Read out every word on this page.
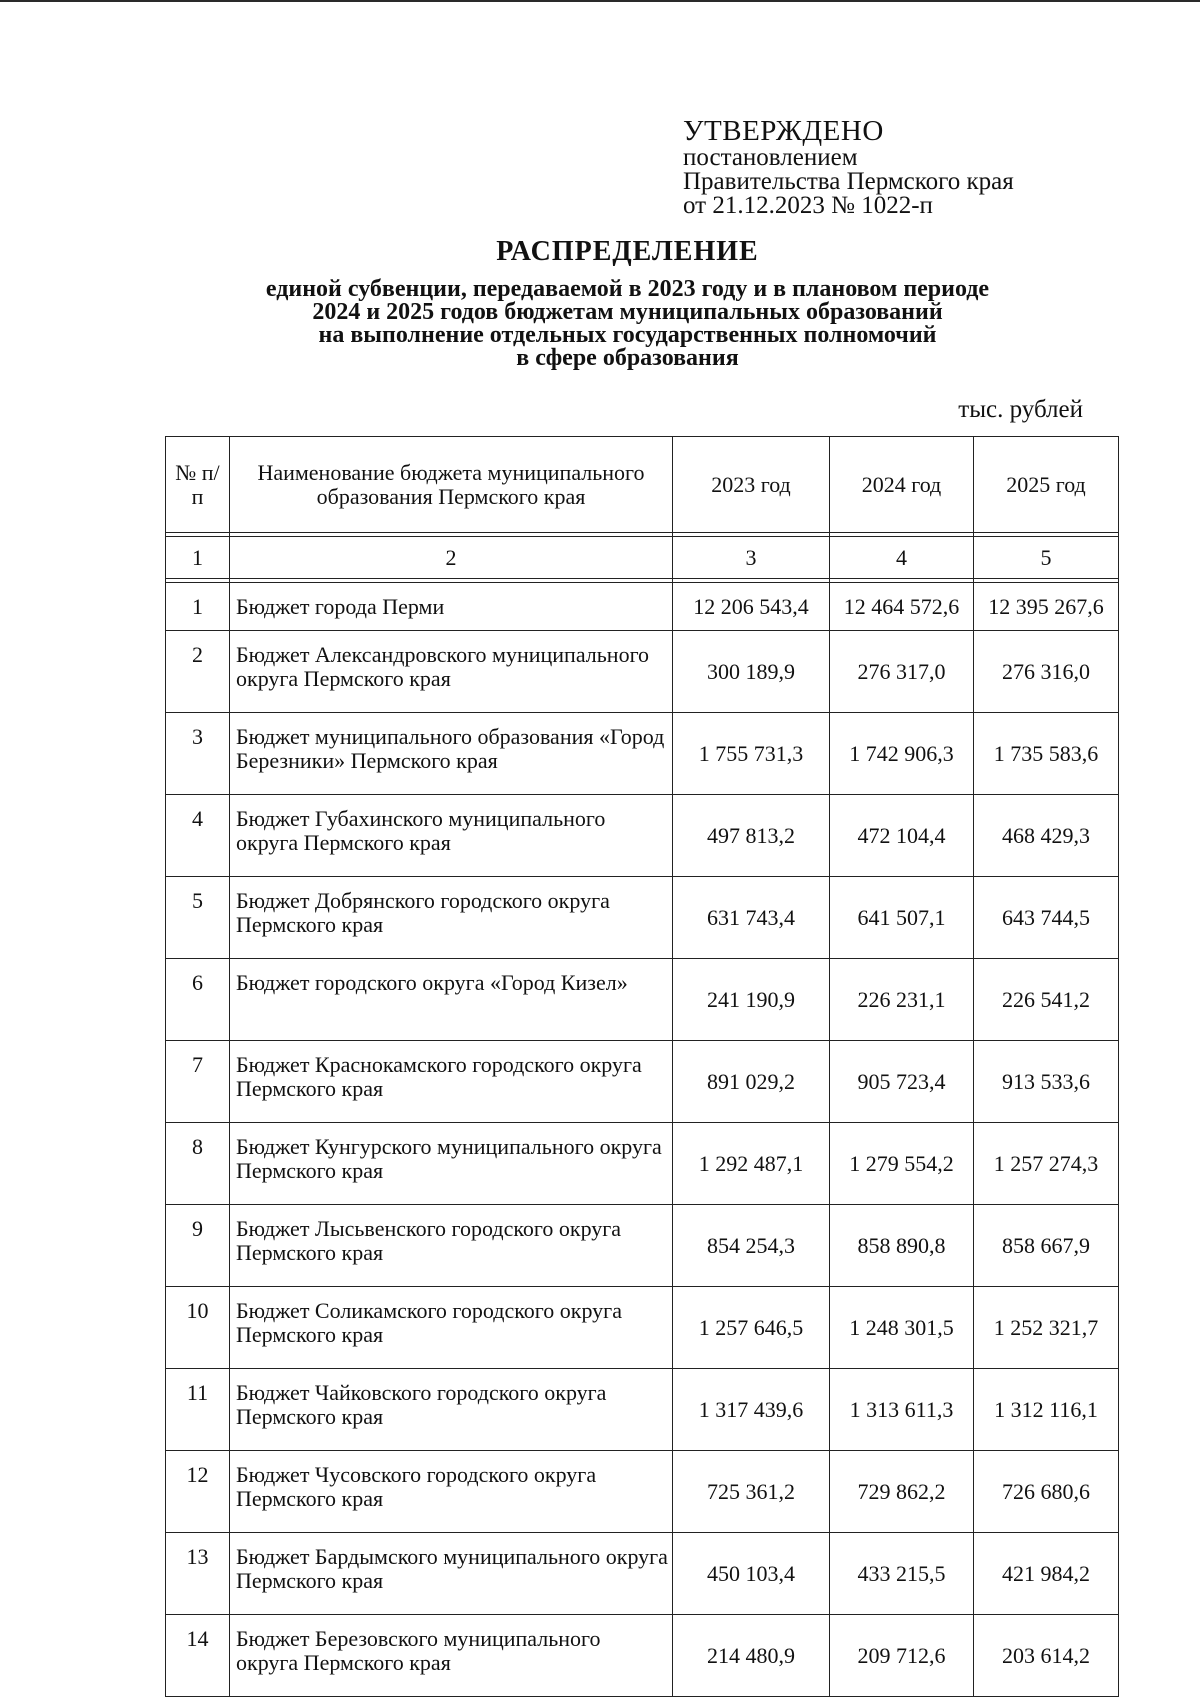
УТВЕРЖДЕНО
постановлением
Правительства Пермского края
от 21.12.2023 № 1022-п
РАСПРЕДЕЛЕНИЕ
единой субвенции, передаваемой в 2023 году и в плановом периоде
2024 и 2025 годов бюджетам муниципальных образований
на выполнение отдельных государственных полномочий
в сфере образования
тыс. рублей
№ п/п	Наименование бюджета муниципального образования Пермского края	2023 год	2024 год	2025 год

1	2	3	4	5

1	Бюджет города Перми	12 206 543,4	12 464 572,6	12 395 267,6
2	Бюджет Александровского муниципального округа Пермского края	300 189,9	276 317,0	276 316,0
3	Бюджет муниципального образования «Город Березники» Пермского края	1 755 731,3	1 742 906,3	1 735 583,6
4	Бюджет Губахинского муниципального округа Пермского края	497 813,2	472 104,4	468 429,3
5	Бюджет Добрянского городского округа Пермского края	631 743,4	641 507,1	643 744,5
6	Бюджет городского округа «Город Кизел»	241 190,9	226 231,1	226 541,2
7	Бюджет Краснокамского городского округа Пермского края	891 029,2	905 723,4	913 533,6
8	Бюджет Кунгурского муниципального округа Пермского края	1 292 487,1	1 279 554,2	1 257 274,3
9	Бюджет Лысьвенского городского округа Пермского края	854 254,3	858 890,8	858 667,9
10	Бюджет Соликамского городского округа Пермского края	1 257 646,5	1 248 301,5	1 252 321,7
11	Бюджет Чайковского городского округа Пермского края	1 317 439,6	1 313 611,3	1 312 116,1
12	Бюджет Чусовского городского округа Пермского края	725 361,2	729 862,2	726 680,6
13	Бюджет Бардымского муниципального округа Пермского края	450 103,4	433 215,5	421 984,2
14	Бюджет Березовского муниципального округа Пермского края	214 480,9	209 712,6	203 614,2
